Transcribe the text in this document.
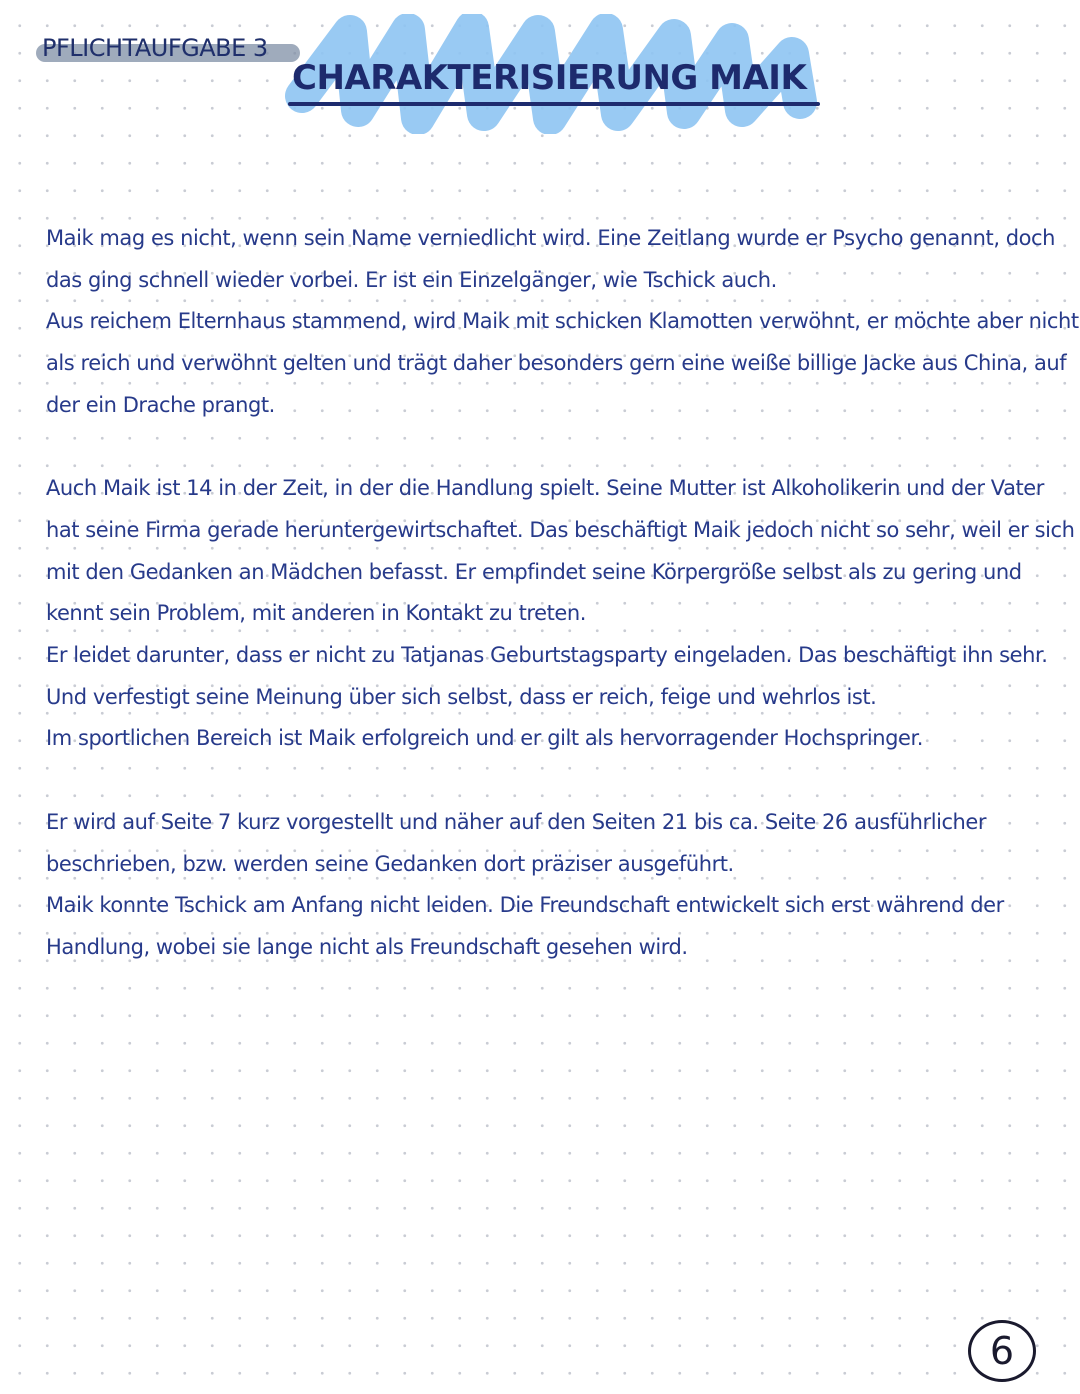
PFLICHTAUFGABE 3
CHARAKTERISIERUNG MAIK

Maik mag es nicht, wenn sein Name verniedlicht wird. Eine Zeitlang wurde er Psycho genannt, doch
das ging schnell wieder vorbei. Er ist ein Einzelgänger, wie Tschick auch.
Aus reichem Elternhaus stammend, wird Maik mit schicken Klamotten verwöhnt, er möchte aber nicht
als reich und verwöhnt gelten und trägt daher besonders gern eine weiße billige Jacke aus China, auf
der ein Drache prangt.

Auch Maik ist 14 in der Zeit, in der die Handlung spielt. Seine Mutter ist Alkoholikerin und der Vater
hat seine Firma gerade heruntergewirtschaftet. Das beschäftigt Maik jedoch nicht so sehr, weil er sich
mit den Gedanken an Mädchen befasst. Er empfindet seine Körpergröße selbst als zu gering und
kennt sein Problem, mit anderen in Kontakt zu treten.
Er leidet darunter, dass er nicht zu Tatjanas Geburtstagsparty eingeladen. Das beschäftigt ihn sehr.
Und verfestigt seine Meinung über sich selbst, dass er reich, feige und wehrlos ist.
Im sportlichen Bereich ist Maik erfolgreich und er gilt als hervorragender Hochspringer.

Er wird auf Seite 7 kurz vorgestellt und näher auf den Seiten 21 bis ca. Seite 26 ausführlicher
beschrieben, bzw. werden seine Gedanken dort präziser ausgeführt.
Maik konnte Tschick am Anfang nicht leiden. Die Freundschaft entwickelt sich erst während der
Handlung, wobei sie lange nicht als Freundschaft gesehen wird.

6
